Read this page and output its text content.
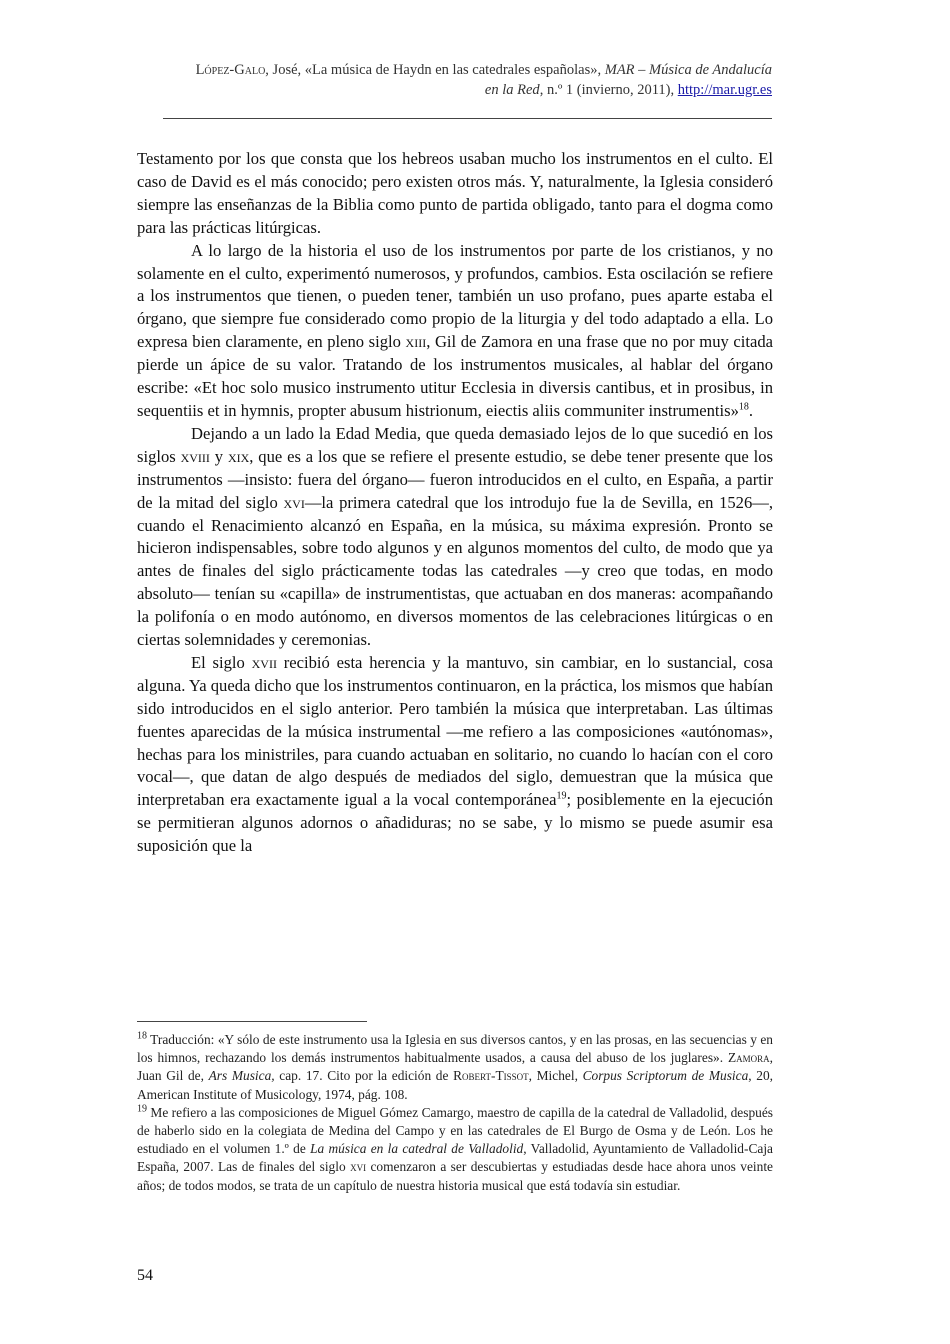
López-Galo, José, «La música de Haydn en las catedrales españolas», MAR – Música de Andalucía
en la Red, n.º 1 (invierno, 2011), http://mar.ugr.es

Testamento por los que consta que los hebreos usaban mucho los instrumentos en el culto. El caso de David es el más conocido; pero existen otros más. Y, naturalmente, la Iglesia consideró siempre las enseñanzas de la Biblia como punto de partida obligado, tanto para el dogma como para las prácticas litúrgicas.

A lo largo de la historia el uso de los instrumentos por parte de los cristianos, y no solamente en el culto, experimentó numerosos, y profundos, cambios. Esta oscilación se refiere a los instrumentos que tienen, o pueden tener, también un uso profano, pues aparte estaba el órgano, que siempre fue considerado como propio de la liturgia y del todo adaptado a ella. Lo expresa bien claramente, en pleno siglo xiii, Gil de Zamora en una frase que no por muy citada pierde un ápice de su valor. Tratando de los instrumentos musicales, al hablar del órgano escribe: «Et hoc solo musico instrumento utitur Ecclesia in diversis cantibus, et in prosibus, in sequentiis et in hymnis, propter abusum histrionum, eiectis aliis communiter instrumentis»$^{18}$.

Dejando a un lado la Edad Media, que queda demasiado lejos de lo que sucedió en los siglos xviii y xix, que es a los que se refiere el presente estudio, se debe tener presente que los instrumentos —insisto: fuera del órgano— fueron introducidos en el culto, en España, a partir de la mitad del siglo xvi—la primera catedral que los introdujo fue la de Sevilla, en 1526—, cuando el Renacimiento alcanzó en España, en la música, su máxima expresión. Pronto se hicieron indispensables, sobre todo algunos y en algunos momentos del culto, de modo que ya antes de finales del siglo prácticamente todas las catedrales —y creo que todas, en modo absoluto— tenían su «capilla» de instrumentistas, que actuaban en dos maneras: acompañando la polifonía o en modo autónomo, en diversos momentos de las celebraciones litúrgicas o en ciertas solemnidades y ceremonias.

El siglo xvii recibió esta herencia y la mantuvo, sin cambiar, en lo sustancial, cosa alguna. Ya queda dicho que los instrumentos continuaron, en la práctica, los mismos que habían sido introducidos en el siglo anterior. Pero también la música que interpretaban. Las últimas fuentes aparecidas de la música instrumental —me refiero a las composiciones «autónomas», hechas para los ministriles, para cuando actuaban en solitario, no cuando lo hacían con el coro vocal—, que datan de algo después de mediados del siglo, demuestran que la música que interpretaban era exactamente igual a la vocal contemporánea$^{19}$; posiblemente en la ejecución se permitieran algunos adornos o añadiduras; no se sabe, y lo mismo se puede asumir esa suposición que la

$^{18}$ Traducción: «Y sólo de este instrumento usa la Iglesia en sus diversos cantos, y en las prosas, en las secuencias y en los himnos, rechazando los demás instrumentos habitualmente usados, a causa del abuso de los juglares». Zamora, Juan Gil de, Ars Musica, cap. 17. Cito por la edición de Robert-Tissot, Michel, Corpus Scriptorum de Musica, 20, American Institute of Musicology, 1974, pág. 108.

$^{19}$ Me refiero a las composiciones de Miguel Gómez Camargo, maestro de capilla de la catedral de Valladolid, después de haberlo sido en la colegiata de Medina del Campo y en las catedrales de El Burgo de Osma y de León. Los he estudiado en el volumen 1.º de La música en la catedral de Valladolid, Valladolid, Ayuntamiento de Valladolid-Caja España, 2007. Las de finales del siglo xvi comenzaron a ser descubiertas y estudiadas desde hace ahora unos veinte años; de todos modos, se trata de un capítulo de nuestra historia musical que está todavía sin estudiar.

54
